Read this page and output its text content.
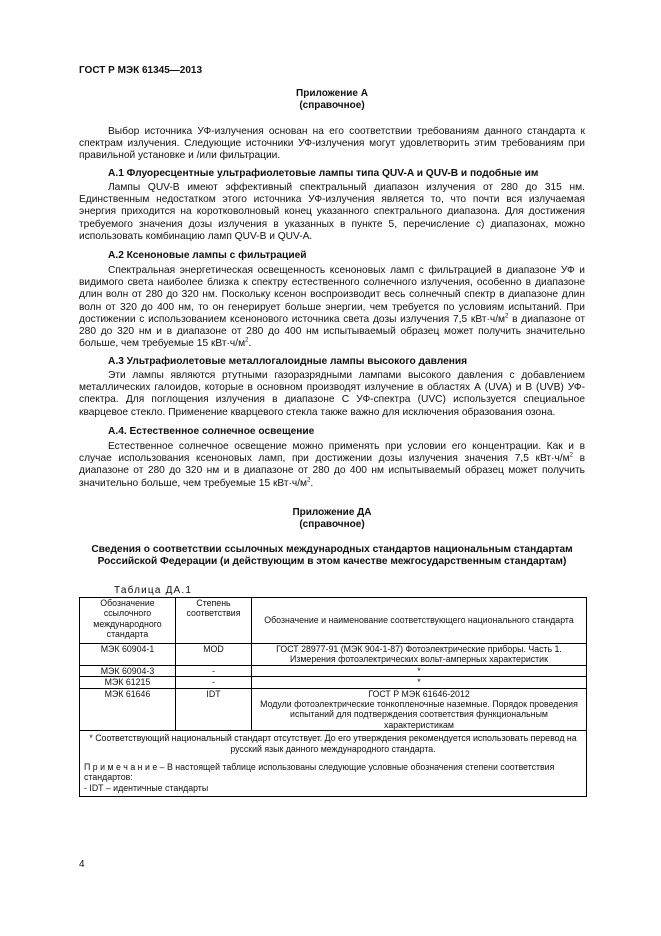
ГОСТ Р МЭК 61345—2013
Приложение А
(справочное)
Выбор источника УФ-излучения основан на его соответствии требованиям данного стандарта к спектрам излучения. Следующие источники УФ-излучения могут удовлетворить этим требованиям при правильной установке и /или фильтрации.
А.1 Флуоресцентные ультрафиолетовые лампы типа QUV-A и QUV-B и подобные им
Лампы QUV-B имеют эффективный спектральный диапазон излучения от 280 до 315 нм. Единственным недостатком этого источника УФ-излучения является то, что почти вся излучаемая энергия приходится на коротковолновый конец указанного спектрального диапазона. Для достижения требуемого значения дозы излучения в указанных в пункте 5, перечисление с) диапазонах, можно использовать комбинацию ламп QUV-B и QUV-A.
А.2 Ксеноновые лампы с фильтрацией
Спектральная энергетическая освещенность ксеноновых ламп с фильтрацией в диапазоне УФ и видимого света наиболее близка к спектру естественного солнечного излучения, особенно в диапазоне длин волн от 280 до 320 нм. Поскольку ксенон воспроизводит весь солнечный спектр в диапазоне длин волн от 320 до 400 нм, то он генерирует больше энергии, чем требуется по условиям испытаний. При достижении с использованием ксенонового источника света дозы излучения 7,5 $кВт\cdot ч/м^2$ в диапазоне от 280 до 320 нм и в диапазоне от 280 до 400 нм испытываемый образец может получить значительно больше, чем требуемые 15 $кВт\cdot ч/м^2$.
А.3 Ультрафиолетовые металлогалоидные лампы высокого давления
Эти лампы являются ртутными газоразрядными лампами высокого давления с добавлением металлических галоидов, которые в основном производят излучение в областях А (UVA) и В (UVB) УФ-спектра. Для поглощения излучения в диапазоне С УФ-спектра (UVC) используется специальное кварцевое стекло. Применение кварцевого стекла также важно для исключения образования озона.
А.4. Естественное солнечное освещение
Естественное солнечное освещение можно применять при условии его концентрации. Как и в случае использования ксеноновых ламп, при достижении дозы излучения значения 7,5 $кВт\cdot ч/м^2$ в диапазоне от 280 до 320 нм и в диапазоне от 280 до 400 нм испытываемый образец может получить значительно больше, чем требуемые 15 $кВт\cdot ч/м^2$.
Приложение ДА
(справочное)
Сведения о соответствии ссылочных международных стандартов национальным стандартам Российской Федерации (и действующим в этом качестве межгосударственным стандартам)
Таблица ДА.1
Обозначение ссылочного международного стандарта	Степень соответствия	Обозначение и наименование соответствующего национального стандарта
МЭК 60904-1	MOD	ГОСТ 28977-91 (МЭК 904-1-87) Фотоэлектрические приборы. Часть 1. Измерения фотоэлектрических вольт-амперных характеристик
МЭК 60904-3	-	*
МЭК 61215	-	*
МЭК 61646	IDT	ГОСТ Р МЭК 61646-2012
Модули фотоэлектрические тонкопленочные наземные. Порядок проведения испытаний для подтверждения соответствия функциональным характеристикам

* Соответствующий национальный стандарт отсутствует. До его утверждения рекомендуется использовать перевод на русский язык данного международного стандарта.
П р и м е ч а н и е – В настоящей таблице использованы следующие условные обозначения степени соответствия стандартов:
- IDT – идентичные стандарты		
4
